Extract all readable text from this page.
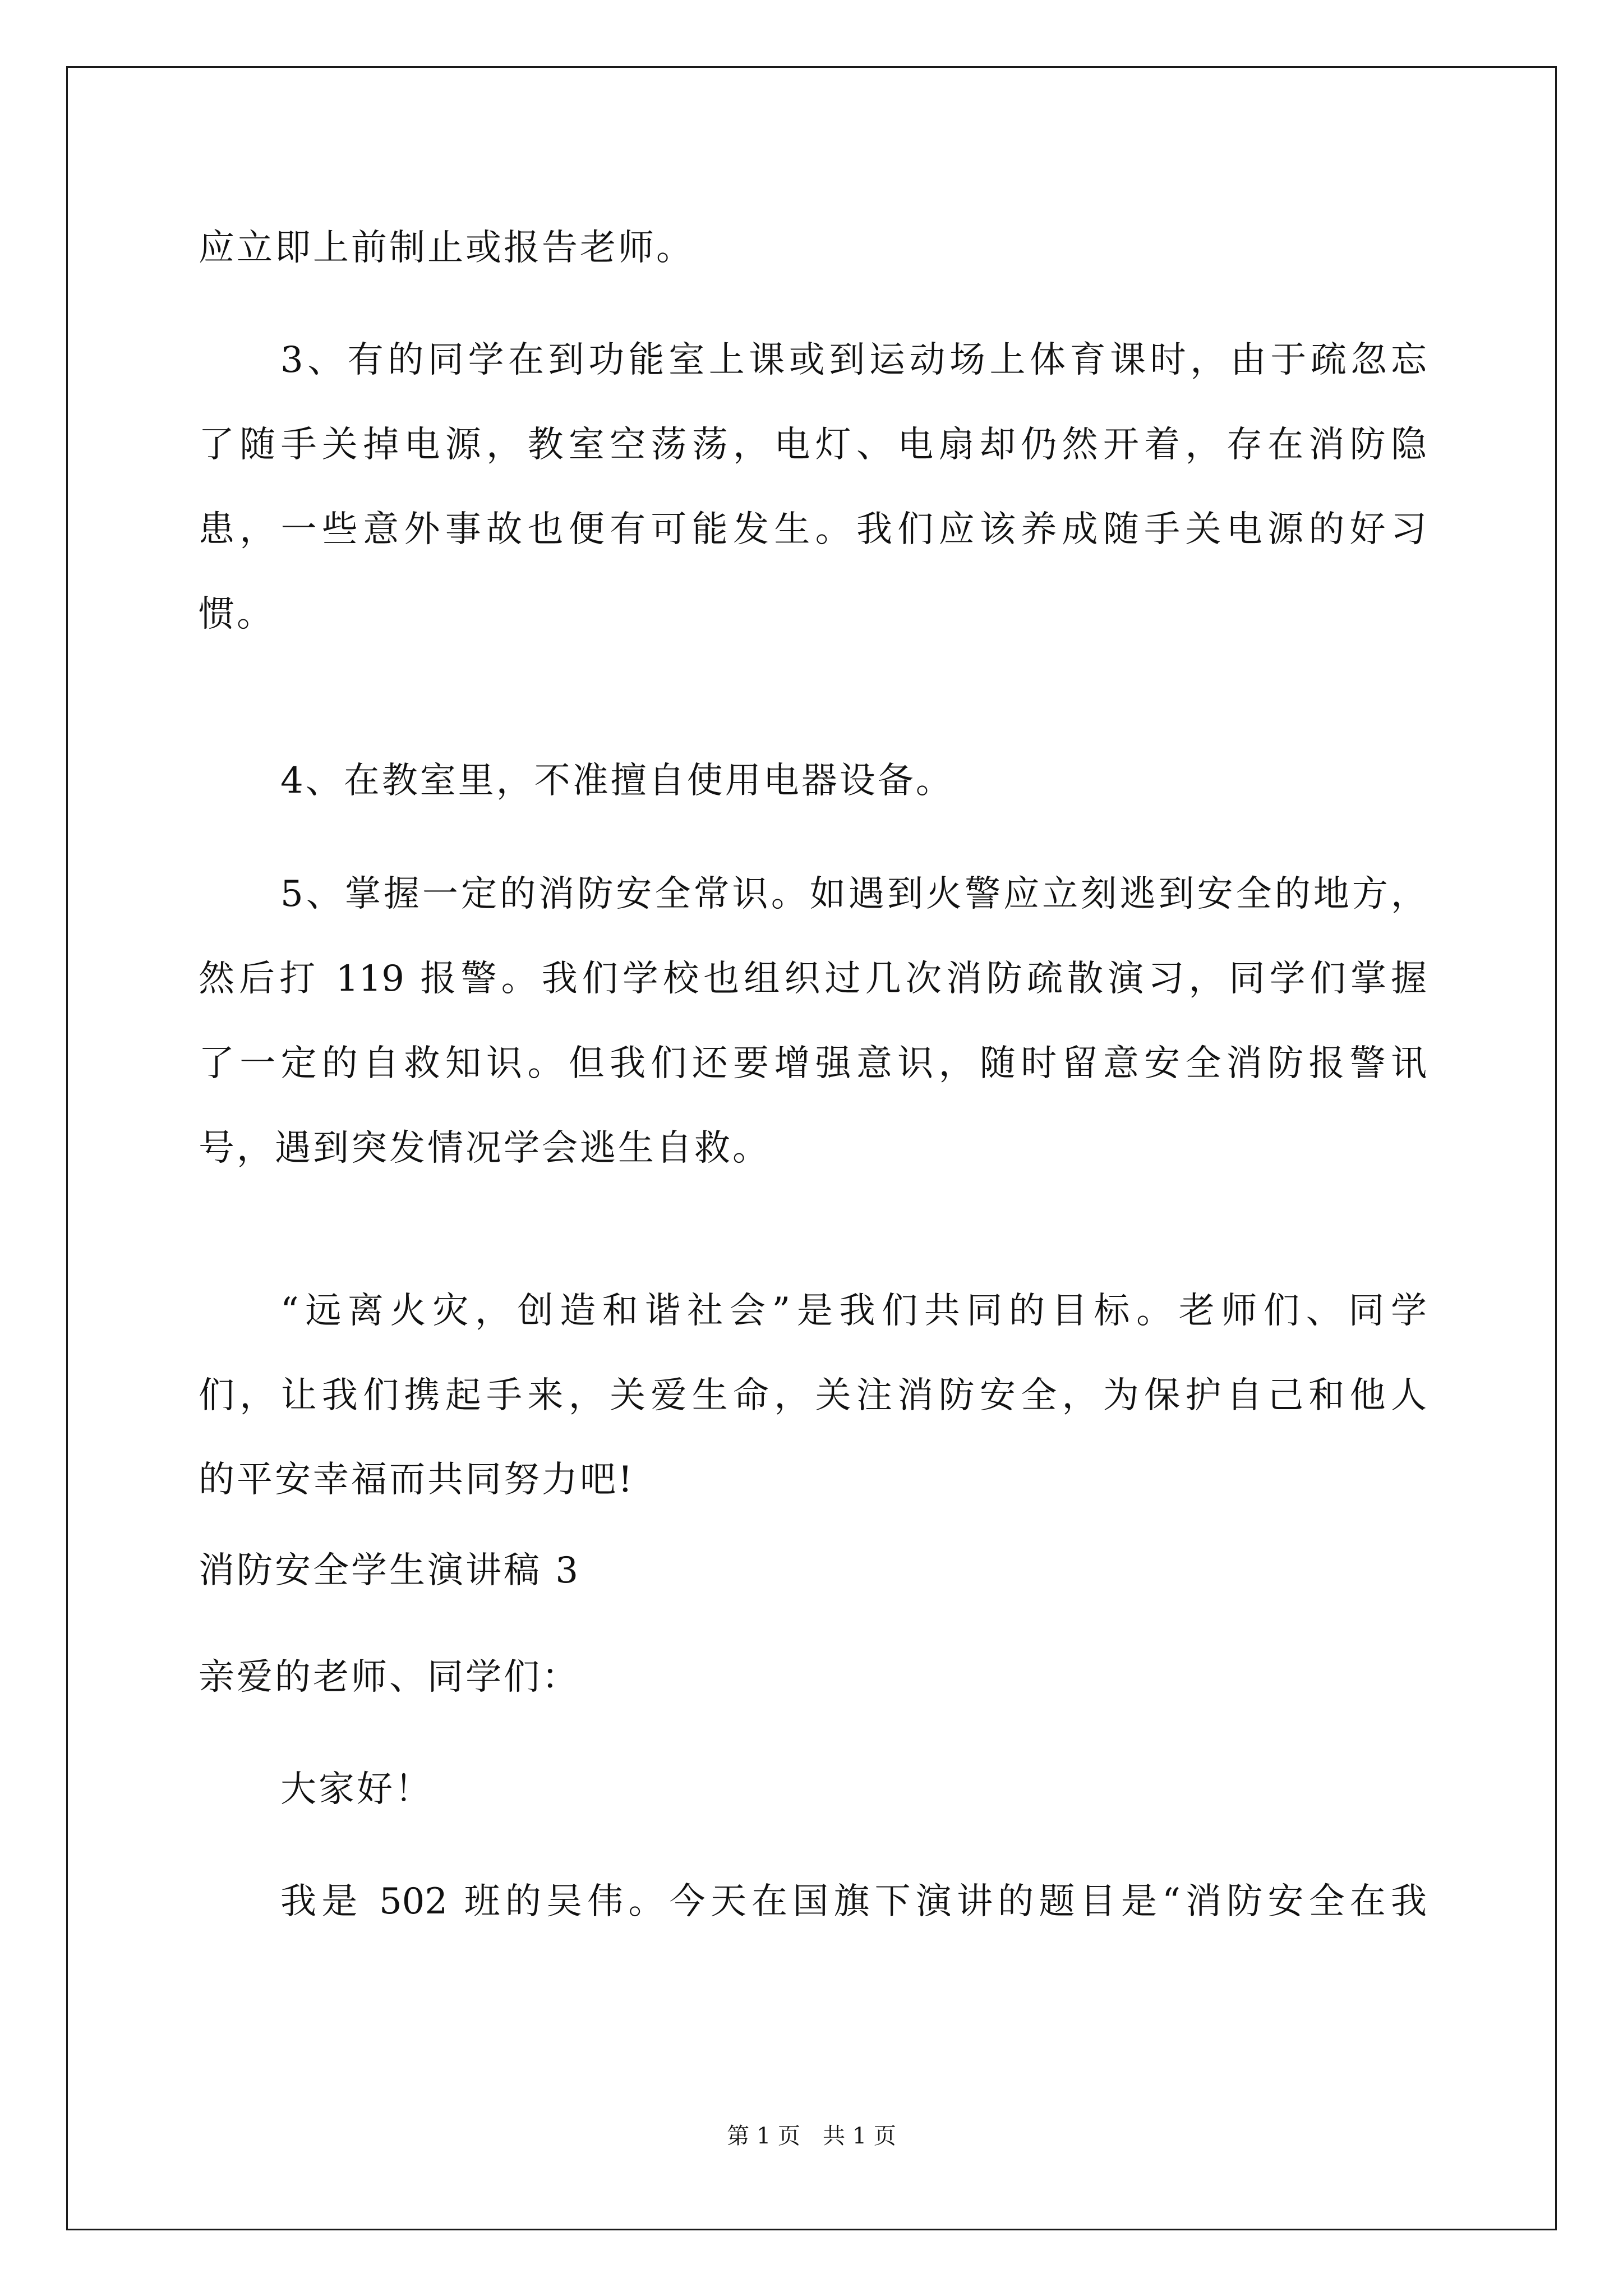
应立即上前制止或报告老师。
3、有的同学在到功能室上课或到运动场上体育课时，由于疏忽忘
了随手关掉电源，教室空荡荡，电灯、电扇却仍然开着，存在消防隐
患，一些意外事故也便有可能发生。我们应该养成随手关电源的好习
惯。
4、在教室里，不准擅自使用电器设备。
5、掌握一定的消防安全常识。如遇到火警应立刻逃到安全的地方，
然后打 119 报警。我们学校也组织过几次消防疏散演习，同学们掌握
了一定的自救知识。但我们还要增强意识，随时留意安全消防报警讯
号，遇到突发情况学会逃生自救。
“远离火灾，创造和谐社会”是我们共同的目标。老师们、同学
们，让我们携起手来，关爱生命，关注消防安全，为保护自己和他人
的平安幸福而共同努力吧!
消防安全学生演讲稿 3
亲爱的老师、同学们：
大家好！
我是 502 班的吴伟。今天在国旗下演讲的题目是“消防安全在我
第 1 页　共 1 页
